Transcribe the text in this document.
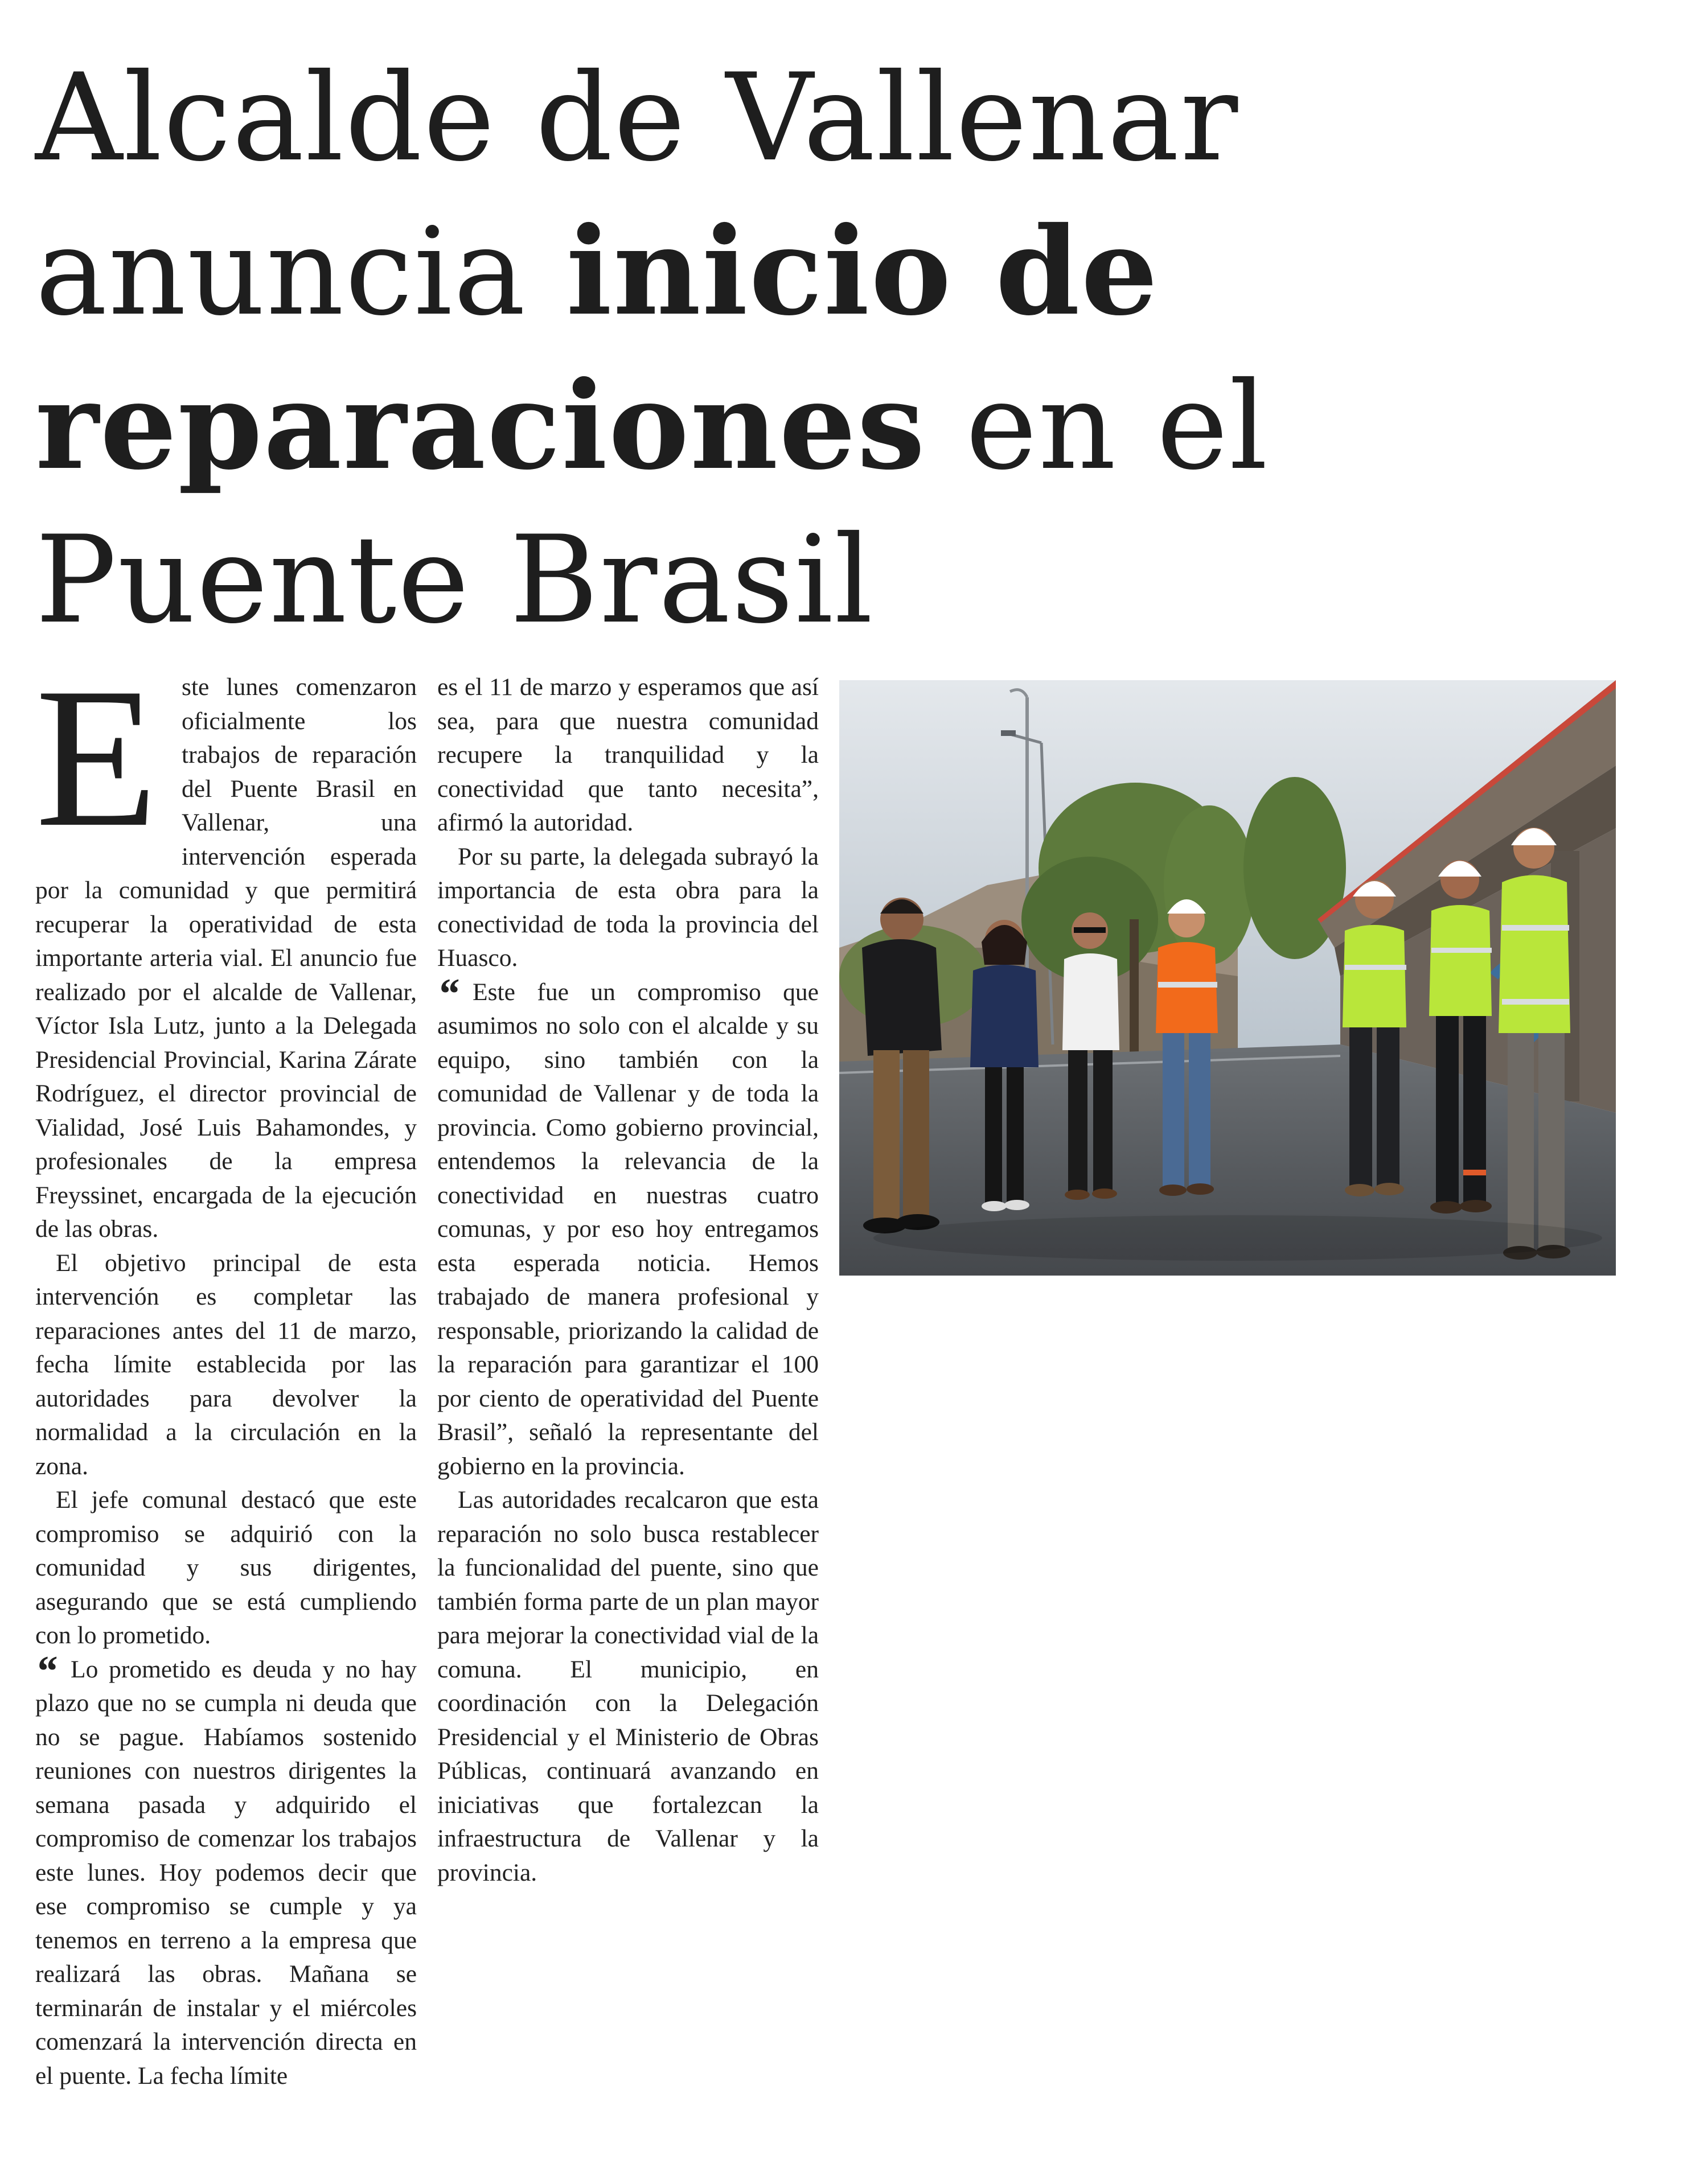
Alcalde de Vallenar
anuncia inicio de
reparaciones en el
Puente Brasil
E ste lunes comenzaron oficialmente los trabajos de reparación del Puente Brasil en Vallenar, una intervención esperada por la comunidad y que permitirá recuperar la operatividad de esta importante arteria vial. El anuncio fue realizado por el alcalde de Vallenar, Víctor Isla Lutz, junto a la Delegada Presidencial Provincial, Karina Zárate Rodríguez, el director provincial de Vialidad, José Luis Bahamondes, y profesionales de la empresa Freyssinet, encargada de la ejecución de las obras.

El objetivo principal de esta intervención es completar las reparaciones antes del 11 de marzo, fecha límite establecida por las autoridades para devolver la normalidad a la circulación en la zona.

El jefe comunal destacó que este compromiso se adquirió con la comunidad y sus dirigentes, asegurando que se está cumpliendo con lo prometido.

“ Lo prometido es deuda y no hay plazo que no se cumpla ni deuda que no se pague. Habíamos sostenido reuniones con nuestros dirigentes la semana pasada y adquirido el compromiso de comenzar los trabajos este lunes. Hoy podemos decir que ese compromiso se cumple y ya tenemos en terreno a la empresa que realizará las obras. Mañana se terminarán de instalar y el miércoles comenzará la intervención directa en el puente. La fecha límite

es el 11 de marzo y esperamos que así sea, para que nuestra comunidad recupere la tranquilidad y la conectividad que tanto necesita”, afirmó la autoridad.

Por su parte, la delegada subrayó la importancia de esta obra para la conectividad de toda la provincia del Huasco.

“ Este fue un compromiso que asumimos no solo con el alcalde y su equipo, sino también con la comunidad de Vallenar y de toda la provincia. Como gobierno provincial, entendemos la relevancia de la conectividad en nuestras cuatro comunas, y por eso hoy entregamos esta esperada noticia. Hemos trabajado de manera profesional y responsable, priorizando la calidad de la reparación para garantizar el 100 por ciento de operatividad del Puente Brasil”, señaló la representante del gobierno en la provincia.

Las autoridades recalcaron que esta reparación no solo busca restablecer la funcionalidad del puente, sino que también forma parte de un plan mayor para mejorar la conectividad vial de la comuna. El municipio, en coordinación con la Delegación Presidencial y el Ministerio de Obras Públicas, continuará avanzando en iniciativas que fortalezcan la infraestructura de Vallenar y la provincia.
